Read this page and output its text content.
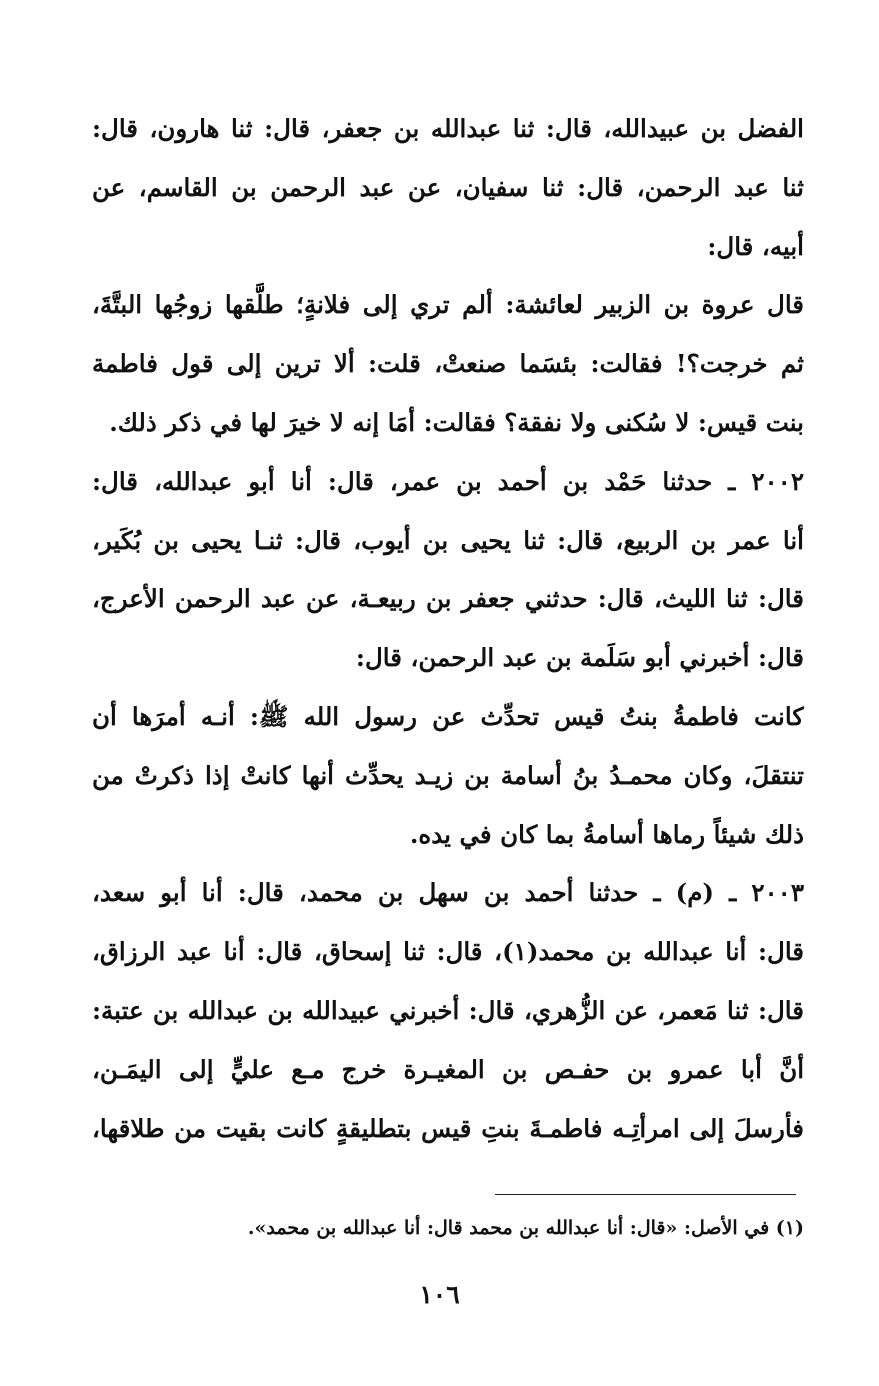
الفضل بن عبيدالله، قال: ثنا عبدالله بن جعفر، قال: ثنا هارون، قال:
ثنا عبد الرحمن، قال: ثنا سفيان، عن عبد الرحمن بن القاسم، عن
أبيه، قال:
قال عروة بن الزبير لعائشة: ألم تري إلى فلانةٍ؛ طلَّقها زوجُها البتَّةَ،
ثم خرجت؟! فقالت: بئسَما صنعتْ، قلت: ألا ترين إلى قول فاطمة
بنت قيس: لا سُكنى ولا نفقة؟ فقالت: أمَا إنه لا خيرَ لها في ذكر ذلك.
٢٠٠٢ ـ حدثنا حَمْد بن أحمد بن عمر، قال: أنا أبو عبدالله، قال:
أنا عمر بن الربيع، قال: ثنا يحيى بن أيوب، قال: ثنـا يحيى بن بُكَير،
قال: ثنا الليث، قال: حدثني جعفر بن ربيعـة، عن عبد الرحمن الأعرج،
قال: أخبرني أبو سَلَمة بن عبد الرحمن، قال:
كانت فاطمةُ بنتُ قيس تحدِّث عن رسول الله ﷺ: أنـه أمرَها أن
تنتقلَ، وكان محمـدُ بنُ أسامة بن زيـد يحدِّث أنها كانتْ إذا ذكرتْ من
ذلك شيئاً رماها أسامةُ بما كان في يده.
٢٠٠٣ ـ (م) ـ حدثنا أحمد بن سهل بن محمد، قال: أنا أبو سعد،
قال: أنا عبدالله بن محمد(١)، قال: ثنا إسحاق، قال: أنا عبد الرزاق،
قال: ثنا مَعمر، عن الزُّهري، قال: أخبرني عبيدالله بن عبدالله بن عتبة:
أنَّ أبا عمرو بن حفـص بن المغيـرة خرج مـع عليٍّ إلى اليمَـن،
فأرسلَ إلى امرأتِـه فاطمـةَ بنتِ قيس بتطليقةٍ كانت بقيت من طلاقها،
(١) في الأصل: «قال: أنا عبدالله بن محمد قال: أنا عبدالله بن محمد».
١٠٦
